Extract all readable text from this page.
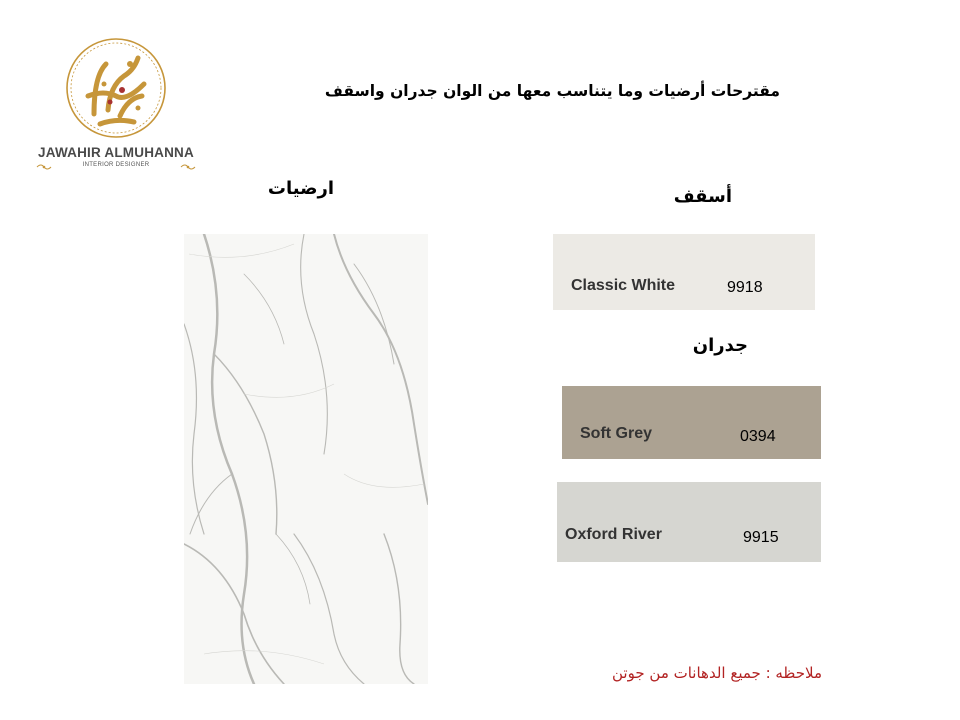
JAWAHIR ALMUHANNA
INTERIOR DESIGNER
مقترحات أرضيات وما يتناسب معها من الوان جدران واسقف
ارضيات	أسقف
Classic White	9918
جدران
Soft Grey	0394
Oxford River	9915
ملاحظه : جميع الدهانات من جوتن
